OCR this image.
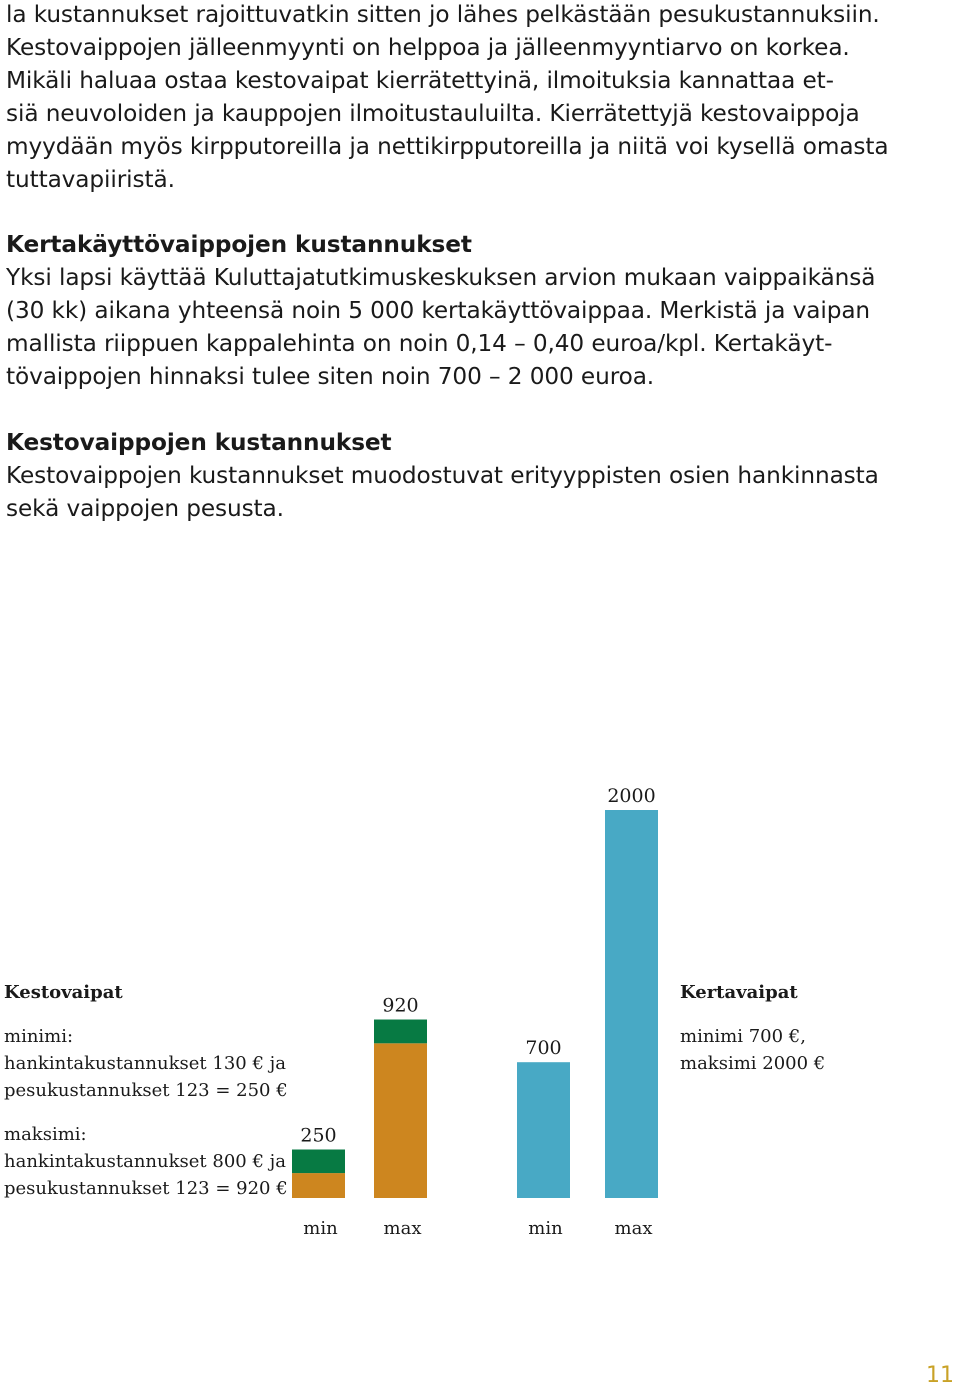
la kustannukset rajoittuvatkin sitten jo lähes pelkästään pesukustannuksiin.
Kestovaippojen jälleenmyynti on helppoa ja jälleenmyyntiarvo on korkea.
Mikäli haluaa ostaa kestovaipat kierrätettyinä, ilmoituksia kannattaa et-
siä neuvoloiden ja kauppojen ilmoitustauluilta. Kierrätettyjä kestovaippoja
myydään myös kirpputoreilla ja nettikirpputoreilla ja niitä voi kysellä omasta
tuttavapiiristä.
Kertakäyttövaippojen kustannukset
Yksi lapsi käyttää Kuluttajatutkimuskeskuksen arvion mukaan vaippaikänsä
(30 kk) aikana yhteensä noin 5 000 kertakäyttövaippaa. Merkistä ja vaipan
mallista riippuen kappalehinta on noin 0,14 – 0,40 euroa/kpl. Kertakäyt-
tövaippojen hinnaksi tulee siten noin 700 – 2 000 euroa.
Kestovaippojen kustannukset
Kestovaippojen kustannukset muodostuvat erityyppisten osien hankinnasta
sekä vaippojen pesusta.
Kestovaipat
minimi:
hankintakustannukset 130 € ja
pesukustannukset 123 = 250 €
maksimi:
hankintakustannukset 800 € ja
pesukustannukset 123 = 920 €
Kertavaipat
minimi 700 €,
maksimi 2000 €
250
min
920
max
700
min
2000
max
11
